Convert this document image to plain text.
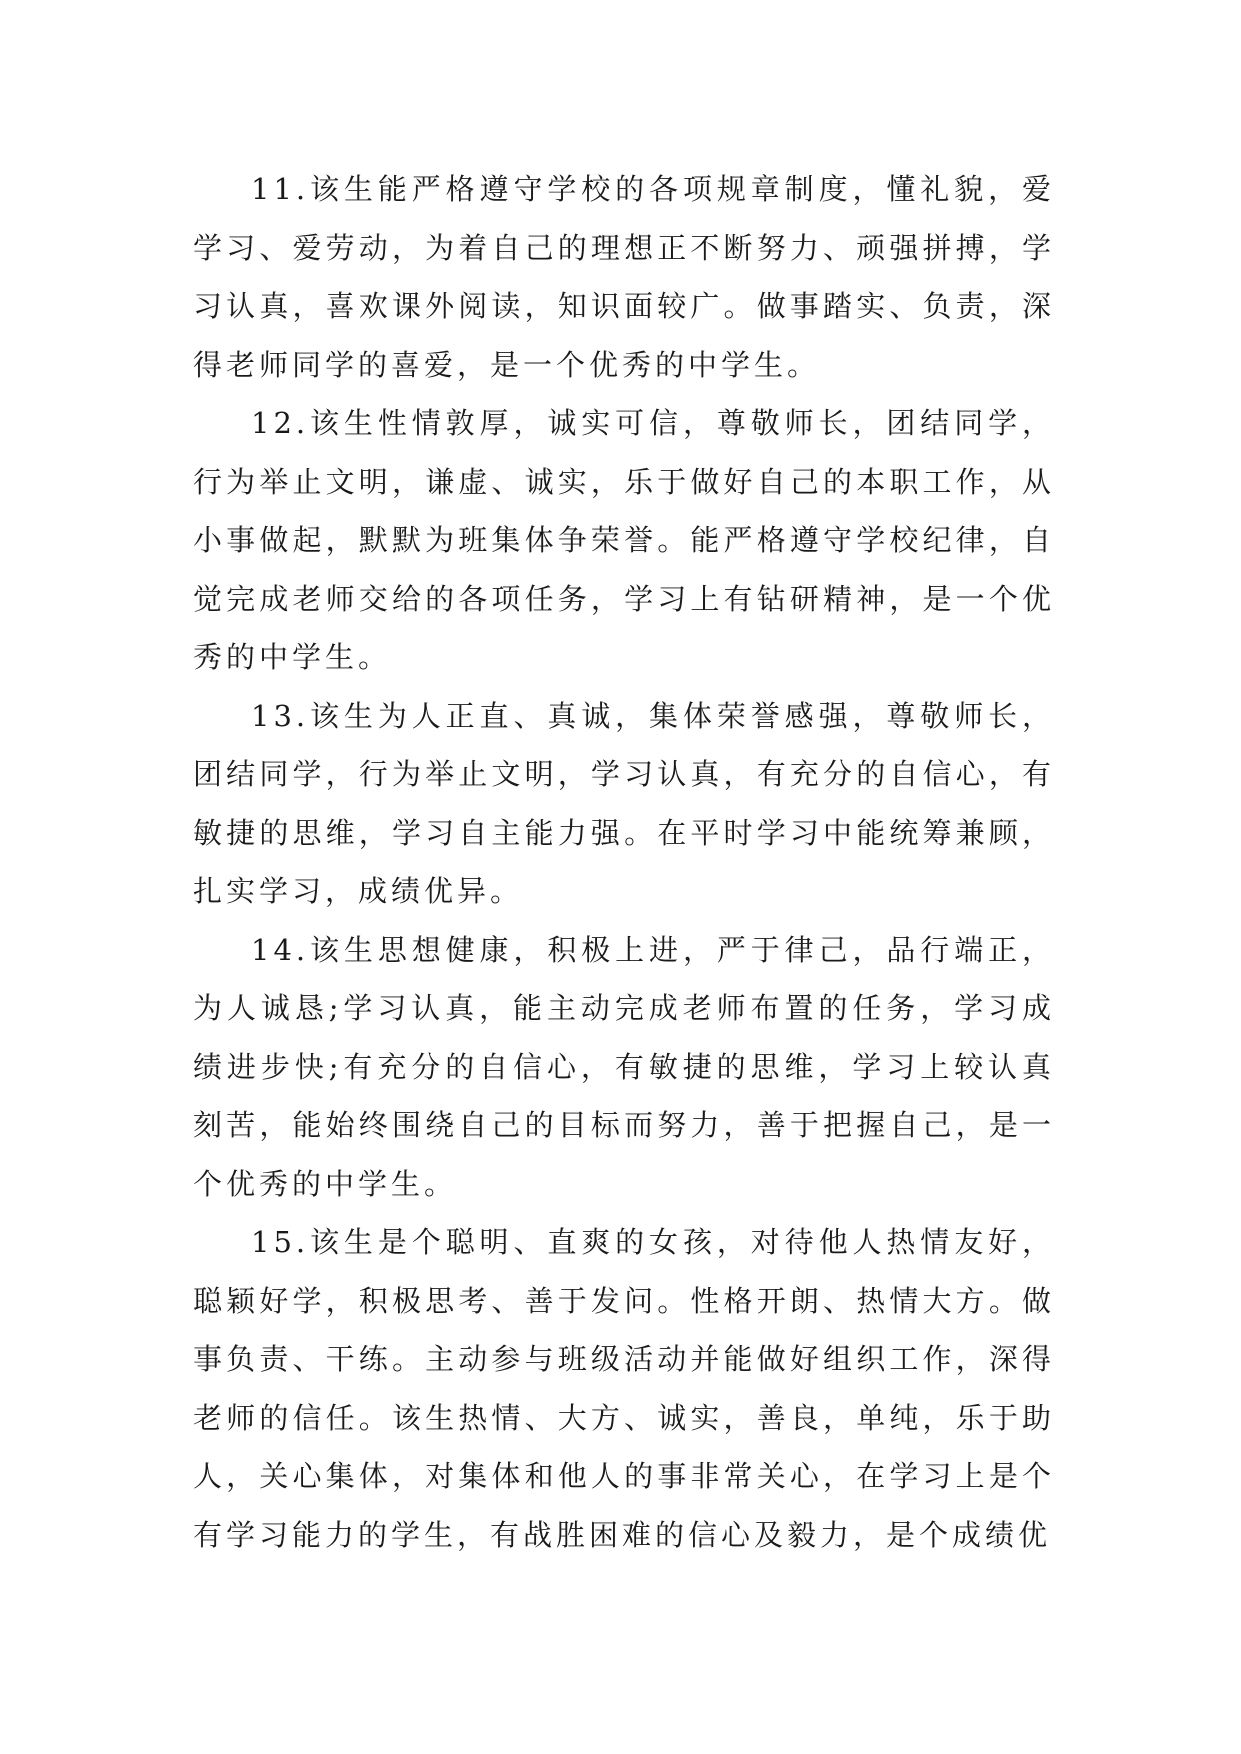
11.该生能严格遵守学校的各项规章制度，懂礼貌，爱学习、爱劳动，为着自己的理想正不断努力、顽强拼搏，学习认真，喜欢课外阅读，知识面较广。做事踏实、负责，深得老师同学的喜爱，是一个优秀的中学生。

12.该生性情敦厚，诚实可信，尊敬师长，团结同学，行为举止文明，谦虚、诚实，乐于做好自己的本职工作，从小事做起，默默为班集体争荣誉。能严格遵守学校纪律，自觉完成老师交给的各项任务，学习上有钻研精神，是一个优秀的中学生。

13.该生为人正直、真诚，集体荣誉感强，尊敬师长，团结同学，行为举止文明，学习认真，有充分的自信心，有敏捷的思维，学习自主能力强。在平时学习中能统筹兼顾，扎实学习，成绩优异。

14.该生思想健康，积极上进，严于律己，品行端正，为人诚恳;学习认真，能主动完成老师布置的任务，学习成绩进步快;有充分的自信心，有敏捷的思维，学习上较认真刻苦，能始终围绕自己的目标而努力，善于把握自己，是一个优秀的中学生。

15.该生是个聪明、直爽的女孩，对待他人热情友好，聪颖好学，积极思考、善于发问。性格开朗、热情大方。做事负责、干练。主动参与班级活动并能做好组织工作，深得老师的信任。该生热情、大方、诚实，善良，单纯，乐于助人，关心集体，对集体和他人的事非常关心，在学习上是个有学习能力的学生，有战胜困难的信心及毅力，是个成绩优
